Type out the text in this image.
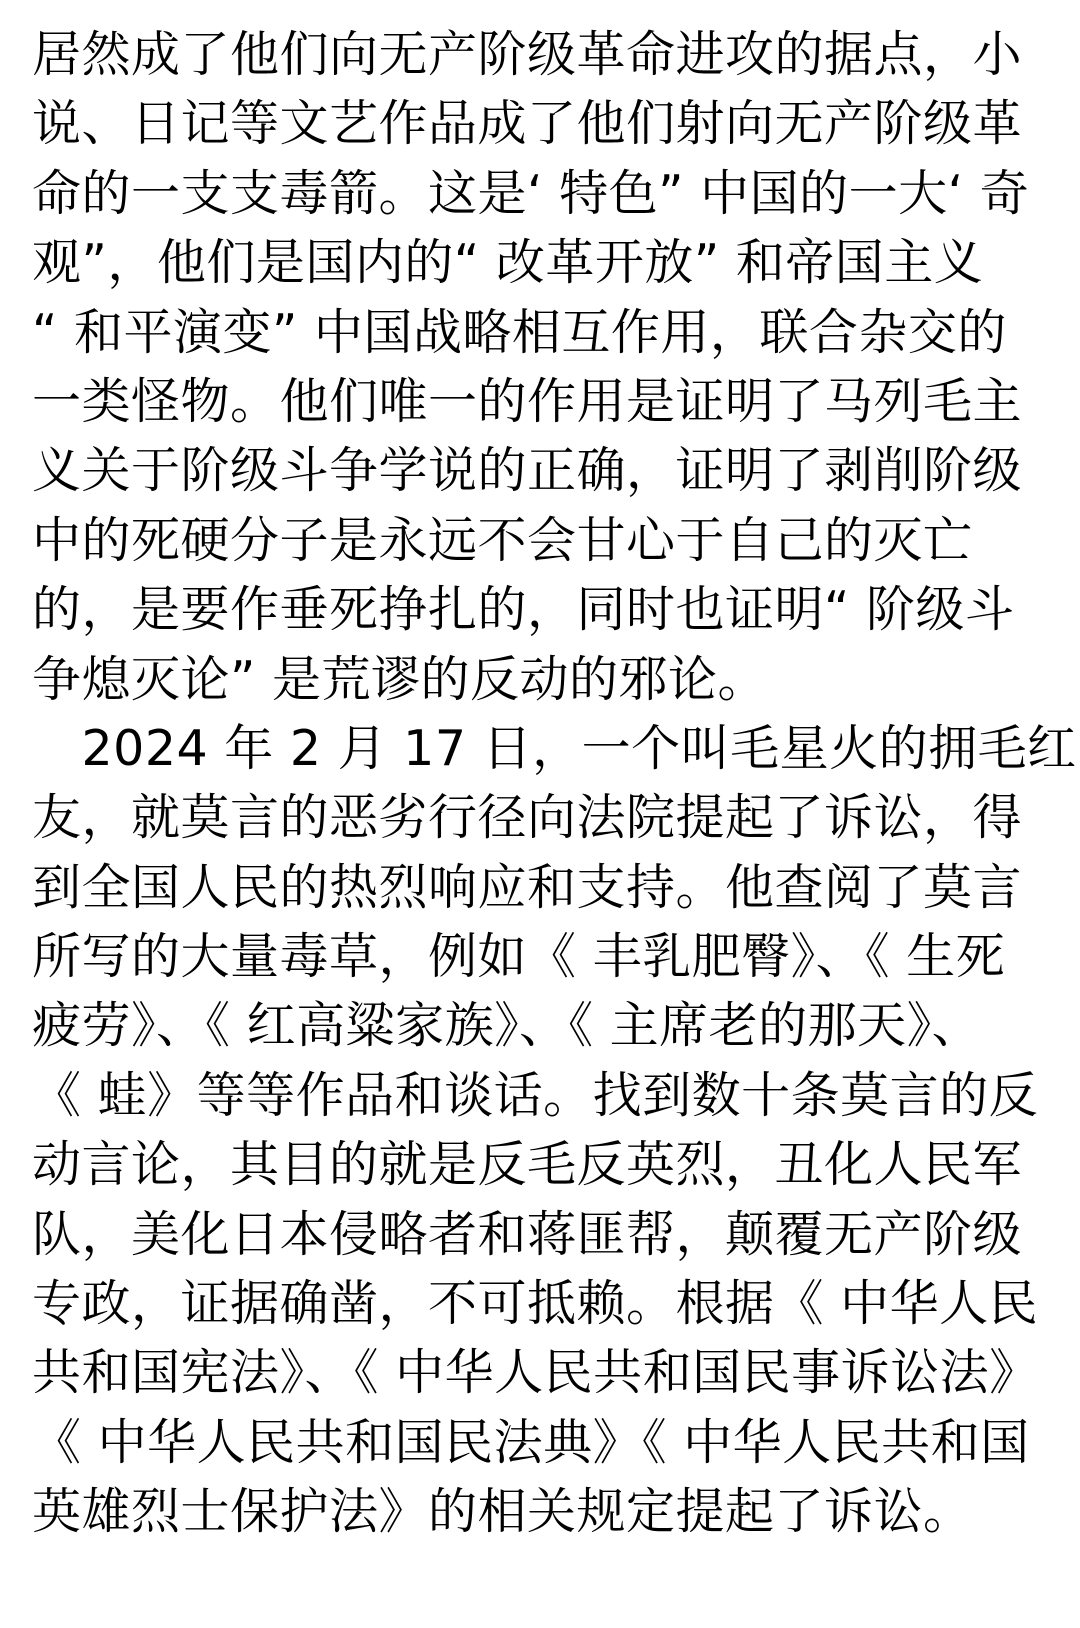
居然成了他们向无产阶级革命进攻的据点，小
说、日记等文艺作品成了他们射向无产阶级革
命的一支支毒箭。这是‘ 特色” 中国的一大‘ 奇
观”，他们是国内的“ 改革开放” 和帝国主义
“ 和平演变” 中国战略相互作用，联合杂交的
一类怪物。他们唯一的作用是证明了马列毛主
义关于阶级斗争学说的正确，证明了剥削阶级
中的死硬分子是永远不会甘心于自己的灭亡
的，是要作垂死挣扎的，同时也证明“ 阶级斗
争熄灭论” 是荒谬的反动的邪论。
　2024 年 2 月 17 日，一个叫毛星火的拥毛红
友，就莫言的恶劣行径向法院提起了诉讼，得
到全国人民的热烈响应和支持。他查阅了莫言
所写的大量毒草，例如《 丰乳肥臀》、《 生死
疲劳》、《 红高粱家族》、《 主席老的那天》、
《 蛙》等等作品和谈话。找到数十条莫言的反
动言论，其目的就是反毛反英烈，丑化人民军
队，美化日本侵略者和蒋匪帮，颠覆无产阶级
专政，证据确凿，不可抵赖。根据《 中华人民
共和国宪法》、《 中华人民共和国民事诉讼法》
《 中华人民共和国民法典》《 中华人民共和国
英雄烈士保护法》的相关规定提起了诉讼。
